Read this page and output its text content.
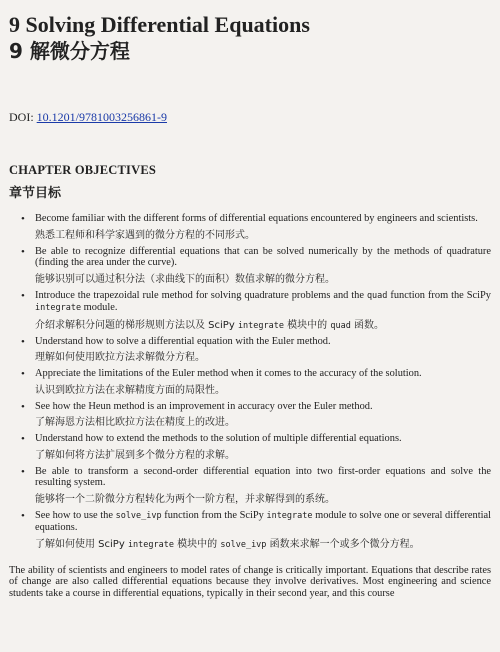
9 Solving Differential Equations
9 解微分方程
DOI: 10.1201/9781003256861-9
CHAPTER OBJECTIVES
章节目标
• Become familiar with the different forms of differential equations encountered by engineers and scientists.
熟悉工程师和科学家遇到的微分方程的不同形式。
• Be able to recognize differential equations that can be solved numerically by the methods of quadrature (finding the area under the curve).
能够识别可以通过积分法（求曲线下的面积）数值求解的微分方程。
• Introduce the trapezoidal rule method for solving quadrature problems and the quad function from the SciPy integrate module.
介绍求解积分问题的梯形规则方法以及 SciPy integrate 模块中的 quad 函数。
• Understand how to solve a differential equation with the Euler method.
理解如何使用欧拉方法求解微分方程。
• Appreciate the limitations of the Euler method when it comes to the accuracy of the solution.
认识到欧拉方法在求解精度方面的局限性。
• See how the Heun method is an improvement in accuracy over the Euler method.
了解海恩方法相比欧拉方法在精度上的改进。
• Understand how to extend the methods to the solution of multiple differential equations.
了解如何将方法扩展到多个微分方程的求解。
• Be able to transform a second-order differential equation into two first-order equations and solve the resulting system.
能够将一个二阶微分方程转化为两个一阶方程，并求解得到的系统。
• See how to use the solve_ivp function from the SciPy integrate module to solve one or several differential equations.
了解如何使用 SciPy integrate 模块中的 solve_ivp 函数来求解一个或多个微分方程。

The ability of scientists and engineers to model rates of change is critically important. Equations that describe rates of change are also called differential equations because they involve derivatives. Most engineering and science students take a course in differential equations, typically in their second year, and this course
